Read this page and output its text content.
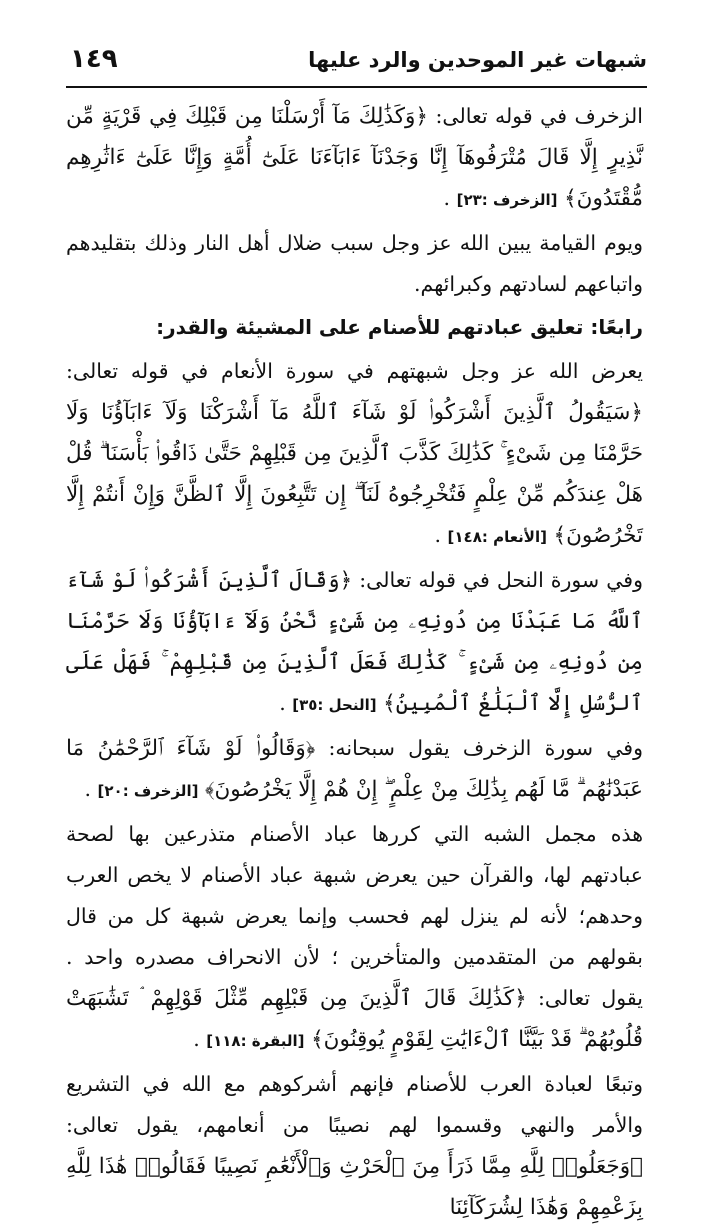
شبهات غير الموحدين والرد عليها
١٤٩

الزخرف في قوله تعالى: ﴿وَكَذَٰلِكَ مَآ أَرْسَلْنَا مِن قَبْلِكَ فِي قَرْيَةٍ مِّن نَّذِيرٍ إِلَّا قَالَ مُتْرَفُوهَآ إِنَّا وَجَدْنَآ ءَابَآءَنَا عَلَىٰٓ أُمَّةٍ وَإِنَّا عَلَىٰٓ ءَاثَٰرِهِم مُّقْتَدُونَ﴾ [الزخرف :٢٣] .

ويوم القيامة يبين الله عز وجل سبب ضلال أهل النار وذلك بتقليدهم واتباعهم لسادتهم وكبرائهم.

رابعًا: تعليق عبادتهم للأصنام على المشيئة والقدر:

يعرض الله عز وجل شبهتهم في سورة الأنعام في قوله تعالى: ﴿سَيَقُولُ ٱلَّذِينَ أَشْرَكُوا۟ لَوْ شَآءَ ٱللَّهُ مَآ أَشْرَكْنَا وَلَآ ءَابَآؤُنَا وَلَا حَرَّمْنَا مِن شَىْءٍ ۚ كَذَٰلِكَ كَذَّبَ ٱلَّذِينَ مِن قَبْلِهِمْ حَتَّىٰ ذَاقُوا۟ بَأْسَنَا ۗ قُلْ هَلْ عِندَكُم مِّنْ عِلْمٍ فَتُخْرِجُوهُ لَنَآ ۖ إِن تَتَّبِعُونَ إِلَّا ٱلظَّنَّ وَإِنْ أَنتُمْ إِلَّا تَخْرُصُونَ﴾ [الأنعام :١٤٨] .

وفي سورة النحل في قوله تعالى: ﴿وَقَالَ ٱلَّذِينَ أَشْرَكُوا۟ لَوْ شَآءَ ٱللَّهُ مَا عَبَدْنَا مِن دُونِهِۦ مِن شَىْءٍ نَّحْنُ وَلَآ ءَابَآؤُنَا وَلَا حَرَّمْنَا مِن دُونِهِۦ مِن شَىْءٍ ۚ كَذَٰلِكَ فَعَلَ ٱلَّذِينَ مِن قَبْلِهِمْ ۚ فَهَلْ عَلَى ٱلرُّسُلِ إِلَّا ٱلْبَلَٰغُ ٱلْمُبِينُ﴾ [النحل :٣٥] .

وفي سورة الزخرف يقول سبحانه: ﴿وَقَالُوا۟ لَوْ شَآءَ ٱلرَّحْمَٰنُ مَا عَبَدْنَٰهُم ۗ مَّا لَهُم بِذَٰلِكَ مِنْ عِلْمٍ ۖ إِنْ هُمْ إِلَّا يَخْرُصُونَ﴾ [الزخرف :٢٠] .

هذه مجمل الشبه التي كررها عباد الأصنام متذرعين بها لصحة عبادتهم لها، والقرآن حين يعرض شبهة عباد الأصنام لا يخص العرب وحدهم؛ لأنه لم ينزل لهم فحسب وإنما يعرض شبهة كل من قال بقولهم من المتقدمين والمتأخرين ؛ لأن الانحراف مصدره واحد . يقول تعالى: ﴿كَذَٰلِكَ قَالَ ٱلَّذِينَ مِن قَبْلِهِم مِّثْلَ قَوْلِهِمْ ۘ تَشَٰبَهَتْ قُلُوبُهُمْ ۗ قَدْ بَيَّنَّا ٱلْءَايَٰتِ لِقَوْمٍ يُوقِنُونَ﴾ [البقرة :١١٨] .

وتبعًا لعبادة العرب للأصنام فإنهم أشركوهم مع الله في التشريع والأمر والنهي وقسموا لهم نصيبًا من أنعامهم، يقول تعالى: ﴿وَجَعَلُوا۟ لِلَّهِ مِمَّا ذَرَأَ مِنَ ٱلْحَرْثِ وَٱلْأَنْعَٰمِ نَصِيبًا فَقَالُوا۟ هَٰذَا لِلَّهِ بِزَعْمِهِمْ وَهَٰذَا لِشُرَكَآئِنَا
